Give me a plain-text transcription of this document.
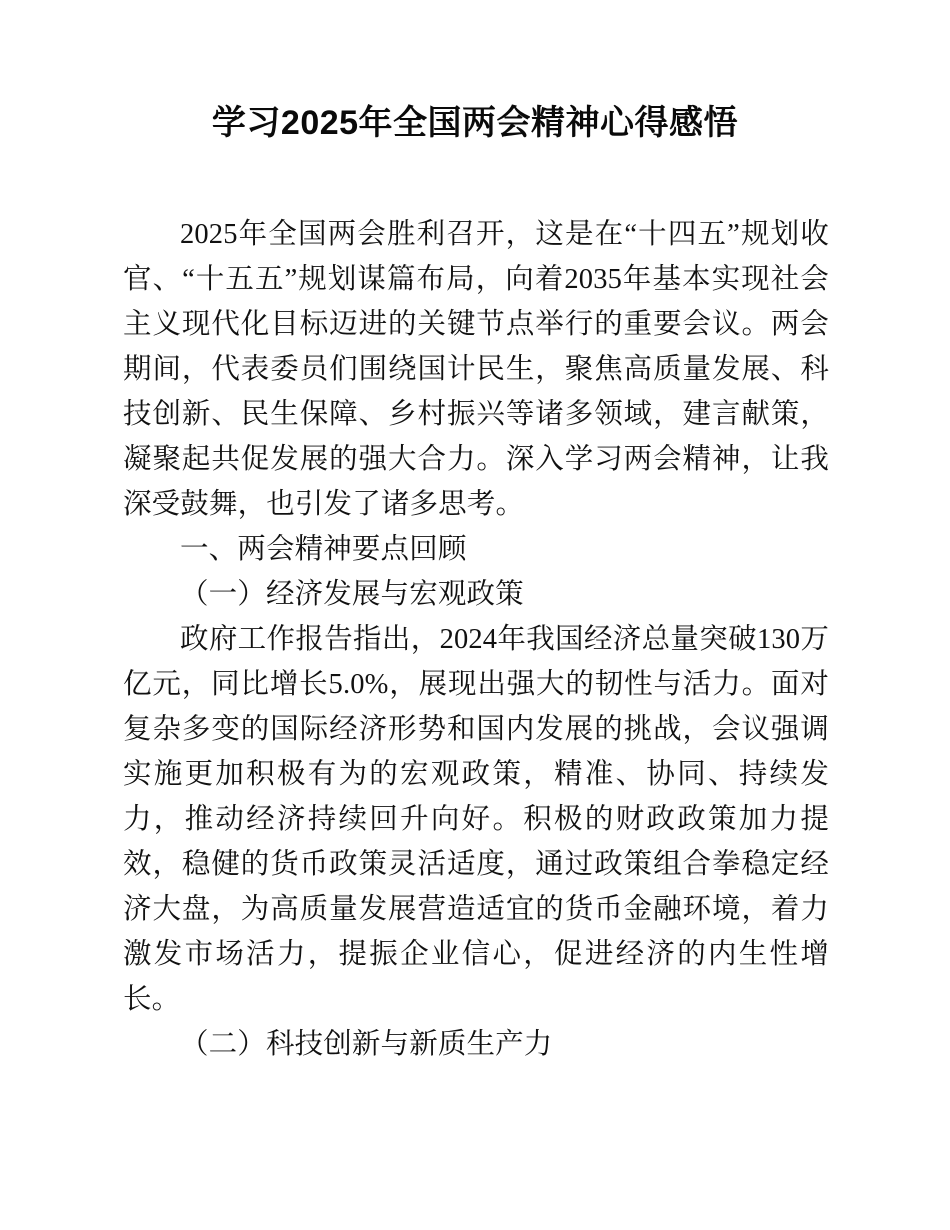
学习2025年全国两会精神心得感悟

2025年全国两会胜利召开，这是在“十四五”规划收官、“十五五”规划谋篇布局，向着2035年基本实现社会主义现代化目标迈进的关键节点举行的重要会议。两会期间，代表委员们围绕国计民生，聚焦高质量发展、科技创新、民生保障、乡村振兴等诸多领域，建言献策，凝聚起共促发展的强大合力。深入学习两会精神，让我深受鼓舞，也引发了诸多思考。

一、两会精神要点回顾

（一）经济发展与宏观政策

政府工作报告指出，2024年我国经济总量突破130万亿元，同比增长5.0%，展现出强大的韧性与活力。面对复杂多变的国际经济形势和国内发展的挑战，会议强调实施更加积极有为的宏观政策，精准、协同、持续发力，推动经济持续回升向好。积极的财政政策加力提效，稳健的货币政策灵活适度，通过政策组合拳稳定经济大盘，为高质量发展营造适宜的货币金融环境，着力激发市场活力，提振企业信心，促进经济的内生性增长。

（二）科技创新与新质生产力
